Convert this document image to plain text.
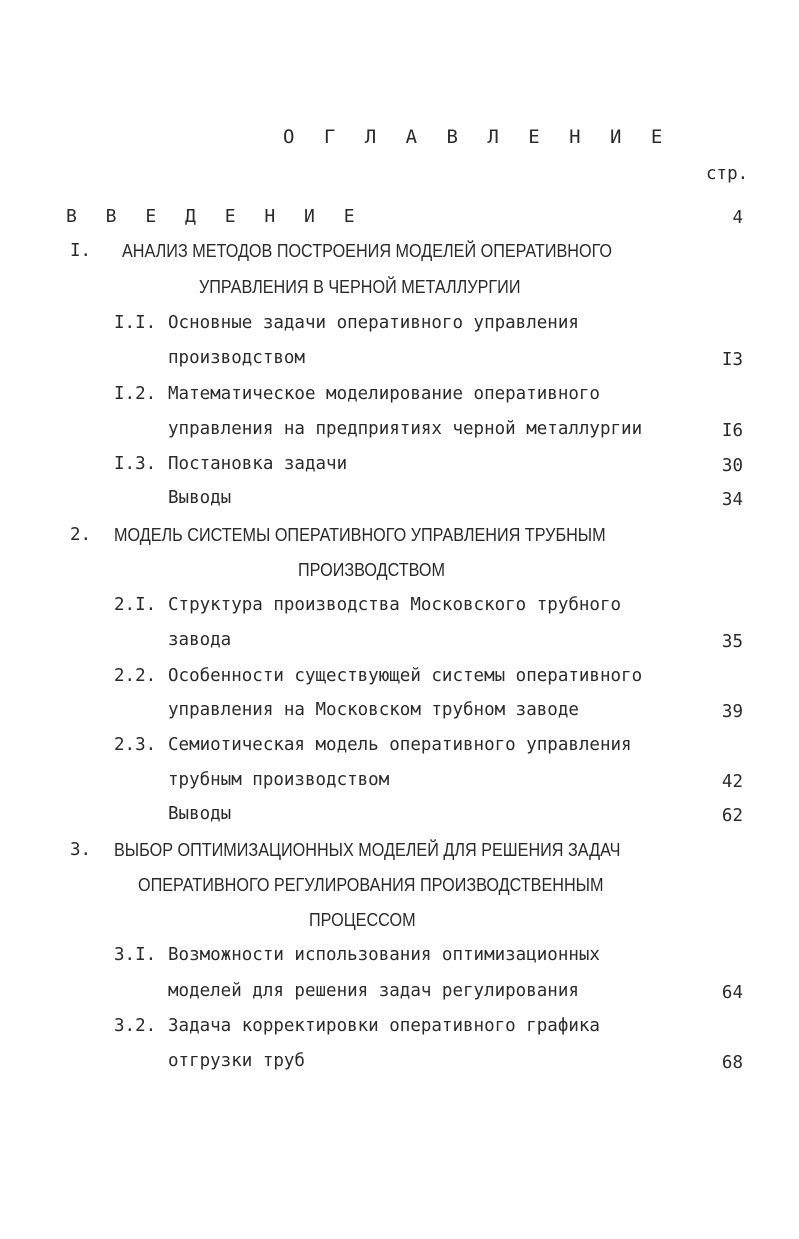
О Г Л А В Л Е Н И Е
стр.
В В Е Д Е Н И Е	4
I. АНАЛИЗ МЕТОДОВ ПОСТРОЕНИЯ МОДЕЛЕЙ ОПЕРАТИВНОГО
УПРАВЛЕНИЯ В ЧЕРНОЙ МЕТАЛЛУРГИИ
I.I. Основные задачи оперативного управления
производством	I3
I.2. Математическое моделирование оперативного
управления на предприятиях черной металлургии	I6
I.3. Постановка задачи	30
Выводы	34
2. МОДЕЛЬ СИСТЕМЫ ОПЕРАТИВНОГО УПРАВЛЕНИЯ ТРУБНЫМ
ПРОИЗВОДСТВОМ
2.I. Структура производства Московского трубного
завода	35
2.2. Особенности существующей системы оперативного
управления на Московском трубном заводе	39
2.3. Семиотическая модель оперативного управления
трубным производством	42
Выводы	62
3. ВЫБОР ОПТИМИЗАЦИОННЫХ МОДЕЛЕЙ ДЛЯ РЕШЕНИЯ ЗАДАЧ
ОПЕРАТИВНОГО РЕГУЛИРОВАНИЯ ПРОИЗВОДСТВЕННЫМ
ПРОЦЕССОМ
3.I. Возможности использования оптимизационных
моделей для решения задач регулирования	64
3.2. Задача корректировки оперативного графика
отгрузки труб	68
